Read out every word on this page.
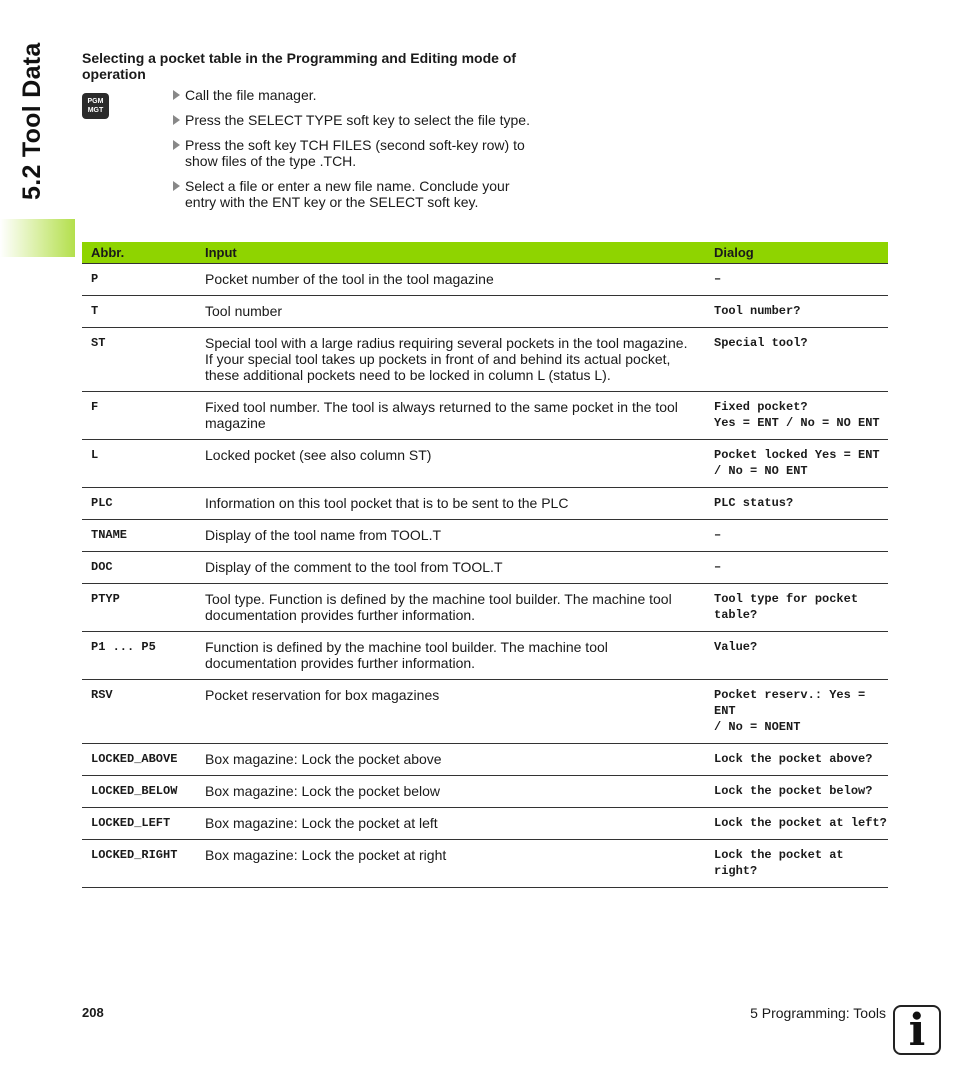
5.2 Tool Data	Selecting a pocket table in the Programming and Editing mode of operation
PGM
MGT
Call the file manager.
Press the SELECT TYPE soft key to select the file type.
Press the soft key TCH FILES (second soft-key row) to show files of the type .TCH.
Select a file or enter a new file name. Conclude your entry with the ENT key or the SELECT soft key.
Abbr.	Input	Dialog
P	Pocket number of the tool in the tool magazine	–
T	Tool number	Tool number?
ST	Special tool with a large radius requiring several pockets in the tool magazine. If your special tool takes up pockets in front of and behind its actual pocket, these additional pockets need to be locked in column L (status L).	Special tool?
F	Fixed tool number. The tool is always returned to the same pocket in the tool magazine	Fixed pocket?
Yes = ENT / No = NO ENT
L	Locked pocket (see also column ST)	Pocket locked Yes = ENT
/ No = NO ENT
PLC	Information on this tool pocket that is to be sent to the PLC	PLC status?
TNAME	Display of the tool name from TOOL.T	–
DOC	Display of the comment to the tool from TOOL.T	–
PTYP	Tool type. Function is defined by the machine tool builder. The machine tool documentation provides further information.	Tool type for pocket
table?
P1 ... P5	Function is defined by the machine tool builder. The machine tool documentation provides further information.	Value?
RSV	Pocket reservation for box magazines	Pocket reserv.: Yes = ENT
/ No = NOENT
LOCKED_ABOVE	Box magazine: Lock the pocket above	Lock the pocket above?
LOCKED_BELOW	Box magazine: Lock the pocket below	Lock the pocket below?
LOCKED_LEFT	Box magazine: Lock the pocket at left	Lock the pocket at left?
LOCKED_RIGHT	Box magazine: Lock the pocket at right	Lock the pocket at right?
208	5 Programming: Tools i
